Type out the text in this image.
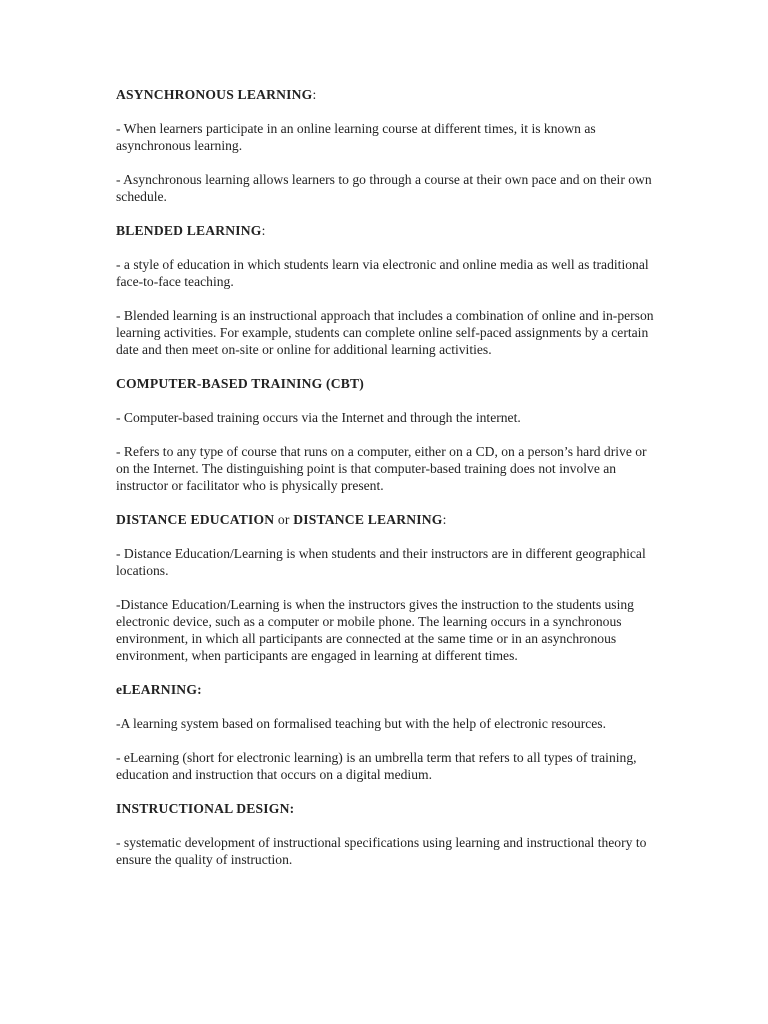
ASYNCHRONOUS LEARNING:
- When learners participate in an online learning course at different times, it is known as asynchronous learning.
- Asynchronous learning allows learners to go through a course at their own pace and on their own schedule.
BLENDED LEARNING:
- a style of education in which students learn via electronic and online media as well as traditional face-to-face teaching.
- Blended learning is an instructional approach that includes a combination of online and in-person learning activities. For example, students can complete online self-paced assignments by a certain date and then meet on-site or online for additional learning activities.
COMPUTER-BASED TRAINING (CBT)
- Computer-based training occurs via the Internet and through the internet.
- Refers to any type of course that runs on a computer, either on a CD, on a person’s hard drive or on the Internet. The distinguishing point is that computer-based training does not involve an instructor or facilitator who is physically present.
DISTANCE EDUCATION or DISTANCE LEARNING:
- Distance Education/Learning is when students and their instructors are in different geographical locations.
-Distance Education/Learning is when the instructors gives the instruction to the students using electronic device, such as a computer or mobile phone. The learning occurs in a synchronous environment, in which all participants are connected at the same time or in an asynchronous environment, when participants are engaged in learning at different times.
eLEARNING:
-A learning system based on formalised teaching but with the help of electronic resources.
- eLearning (short for electronic learning) is an umbrella term that refers to all types of training, education and instruction that occurs on a digital medium.
INSTRUCTIONAL DESIGN:
- systematic development of instructional specifications using learning and instructional theory to ensure the quality of instruction.
